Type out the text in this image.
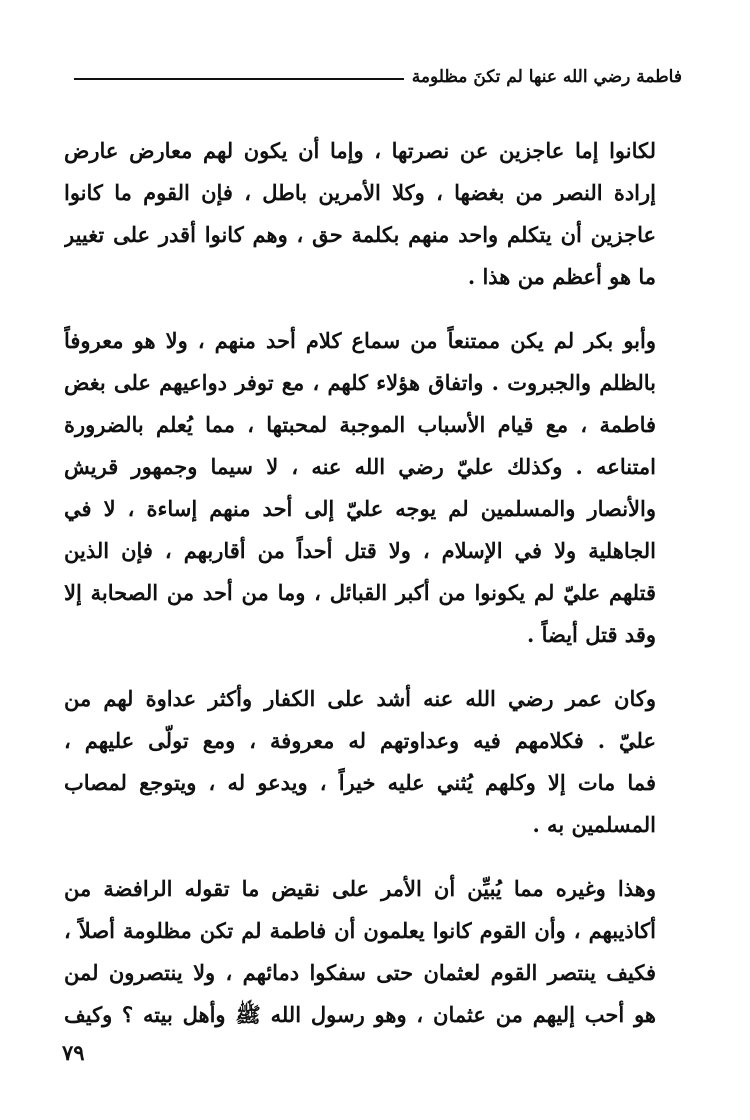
فاطمة رضي الله عنها لم تكنَ مظلومة
لكانوا إما عاجزين عن نصرتها ، وإما أن يكون لهم معارض عارض
إرادة النصر من بغضها ، وكلا الأمرين باطل ، فإن القوم ما كانوا
عاجزين أن يتكلم واحد منهم بكلمة حق ، وهم كانوا أقدر على تغيير
ما هو أعظم من هذا .
وأبو بكر لم يكن ممتنعاً من سماع كلام أحد منهم ، ولا هو معروفاً
بالظلم والجبروت . واتفاق هؤلاء كلهم ، مع توفر دواعيهم على بغض
فاطمة ، مع قيام الأسباب الموجبة لمحبتها ، مما يُعلم بالضرورة
امتناعه . وكذلك عليّ رضي الله عنه ، لا سيما وجمهور قريش
والأنصار والمسلمين لم يوجه عليّ إلى أحد منهم إساءة ، لا في
الجاهلية ولا في الإسلام ، ولا قتل أحداً من أقاربهم ، فإن الذين
قتلهم عليّ لم يكونوا من أكبر القبائل ، وما من أحد من الصحابة إلا
وقد قتل أيضاً .
وكان عمر رضي الله عنه أشد على الكفار وأكثر عداوة لهم من
عليّ . فكلامهم فيه وعداوتهم له معروفة ، ومع تولّى عليهم ،
فما مات إلا وكلهم يُثني عليه خيراً ، ويدعو له ، ويتوجع لمصاب
المسلمين به .
وهذا وغيره مما يُبيِّن أن الأمر على نقيض ما تقوله الرافضة من
أكاذيبهم ، وأن القوم كانوا يعلمون أن فاطمة لم تكن مظلومة أصلاً ،
فكيف ينتصر القوم لعثمان حتى سفكوا دمائهم ، ولا ينتصرون لمن
هو أحب إليهم من عثمان ، وهو رسول الله ﷺ وأهل بيته ؟ وكيف
٧٩
